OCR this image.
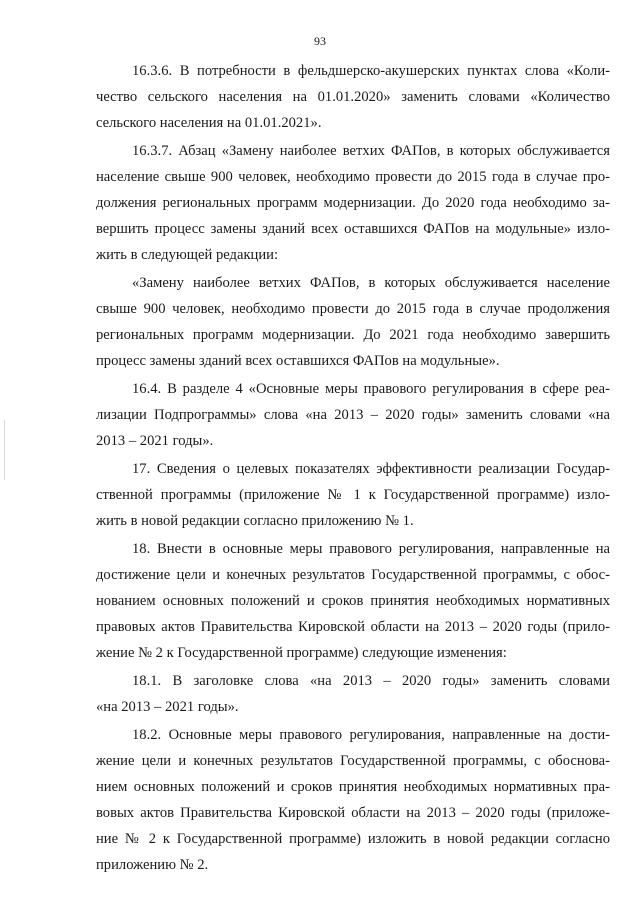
93
16.3.6. В потребности в фельдшерско-акушерских пунктах слова «Коли-
чество сельского населения на 01.01.2020» заменить словами «Количество
сельского населения на 01.01.2021».
16.3.7. Абзац «Замену наиболее ветхих ФАПов, в которых обслуживается
население свыше 900 человек, необходимо провести до 2015 года в случае про-
должения региональных программ модернизации. До 2020 года необходимо за-
вершить процесс замены зданий всех оставшихся ФАПов на модульные» изло-
жить в следующей редакции:
«Замену наиболее ветхих ФАПов, в которых обслуживается население
свыше 900 человек, необходимо провести до 2015 года в случае продолжения
региональных программ модернизации. До 2021 года необходимо завершить
процесс замены зданий всех оставшихся ФАПов на модульные».
16.4. В разделе 4 «Основные меры правового регулирования в сфере реа-
лизации Подпрограммы» слова «на 2013 – 2020 годы» заменить словами «на
2013 – 2021 годы».
17. Сведения о целевых показателях эффективности реализации Государ-
ственной программы (приложение № 1 к Государственной программе) изло-
жить в новой редакции согласно приложению № 1.
18. Внести в основные меры правового регулирования, направленные на
достижение цели и конечных результатов Государственной программы, с обос-
нованием основных положений и сроков принятия необходимых нормативных
правовых актов Правительства Кировской области на 2013 – 2020 годы (прило-
жение № 2 к Государственной программе) следующие изменения:
18.1. В заголовке слова «на 2013 – 2020 годы» заменить словами
«на 2013 – 2021 годы».
18.2. Основные меры правового регулирования, направленные на дости-
жение цели и конечных результатов Государственной программы, с обоснова-
нием основных положений и сроков принятия необходимых нормативных пра-
вовых актов Правительства Кировской области на 2013 – 2020 годы (приложе-
ние № 2 к Государственной программе) изложить в новой редакции согласно
приложению № 2.
